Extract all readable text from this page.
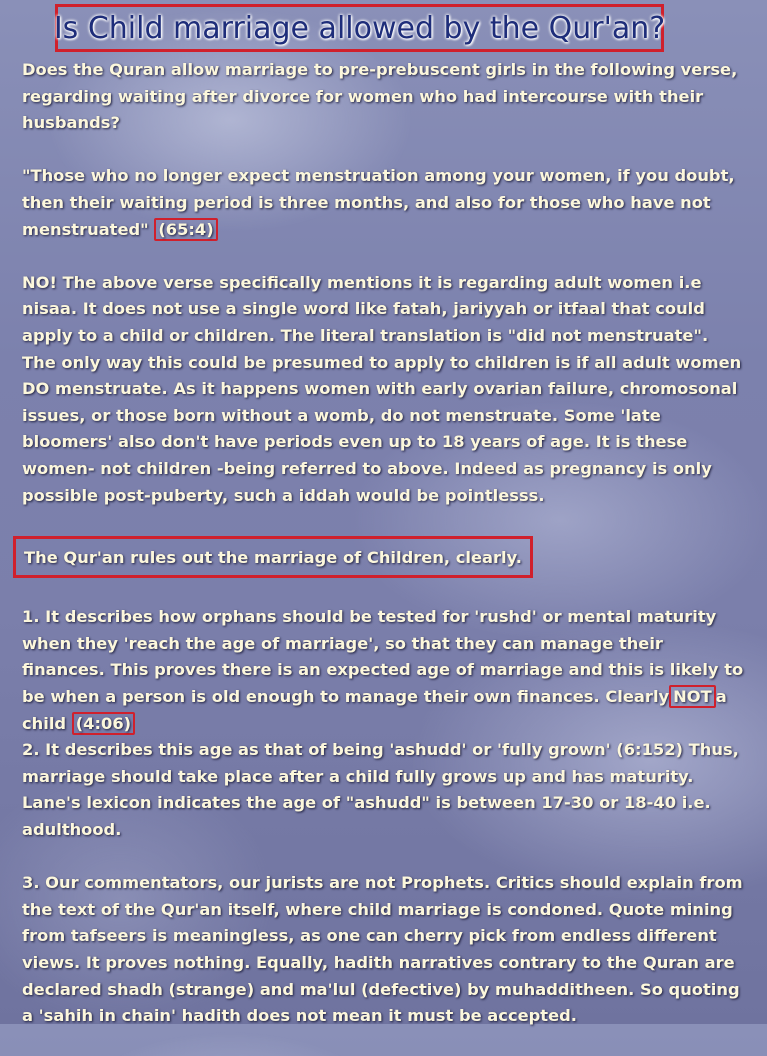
Is Child marriage allowed by the Qur'an?

Does the Quran allow marriage to pre-prebuscent girls in the following verse, regarding waiting after divorce for women who had intercourse with their husbands?

"Those who no longer expect menstruation among your women, if you doubt, then their waiting period is three months, and also for those who have not menstruated" (65:4)

NO! The above verse specifically mentions it is regarding adult women i.e nisaa. It does not use a single word like fatah, jariyyah or itfaal that could apply to a child or children. The literal translation is "did not menstruate". The only way this could be presumed to apply to children is if all adult women DO menstruate. As it happens women with early ovarian failure, chromosonal issues, or those born without a womb, do not menstruate. Some 'late bloomers' also don't have periods even up to 18 years of age. It is these women- not children -being referred to above. Indeed as pregnancy is only possible post-puberty, such a iddah would be pointlesss.

The Qur'an rules out the marriage of Children, clearly.

1. It describes how orphans should be tested for 'rushd' or mental maturity when they 'reach the age of marriage', so that they can manage their finances. This proves there is an expected age of marriage and this is likely to be when a person is old enough to manage their own finances. Clearly NOT a child (4:06)

2. It describes this age as that of being 'ashudd' or 'fully grown' (6:152) Thus, marriage should take place after a child fully grows up and has maturity. Lane's lexicon indicates the age of "ashudd" is between 17-30 or 18-40 i.e. adulthood.

3. Our commentators, our jurists are not Prophets. Critics should explain from the text of the Qur'an itself, where child marriage is condoned. Quote mining from tafseers is meaningless, as one can cherry pick from endless different views. It proves nothing. Equally, hadith narratives contrary to the Quran are declared shadh (strange) and ma'lul (defective) by muhaddithеen. So quoting a 'sahih in chain' hadith does not mean it must be accepted.
